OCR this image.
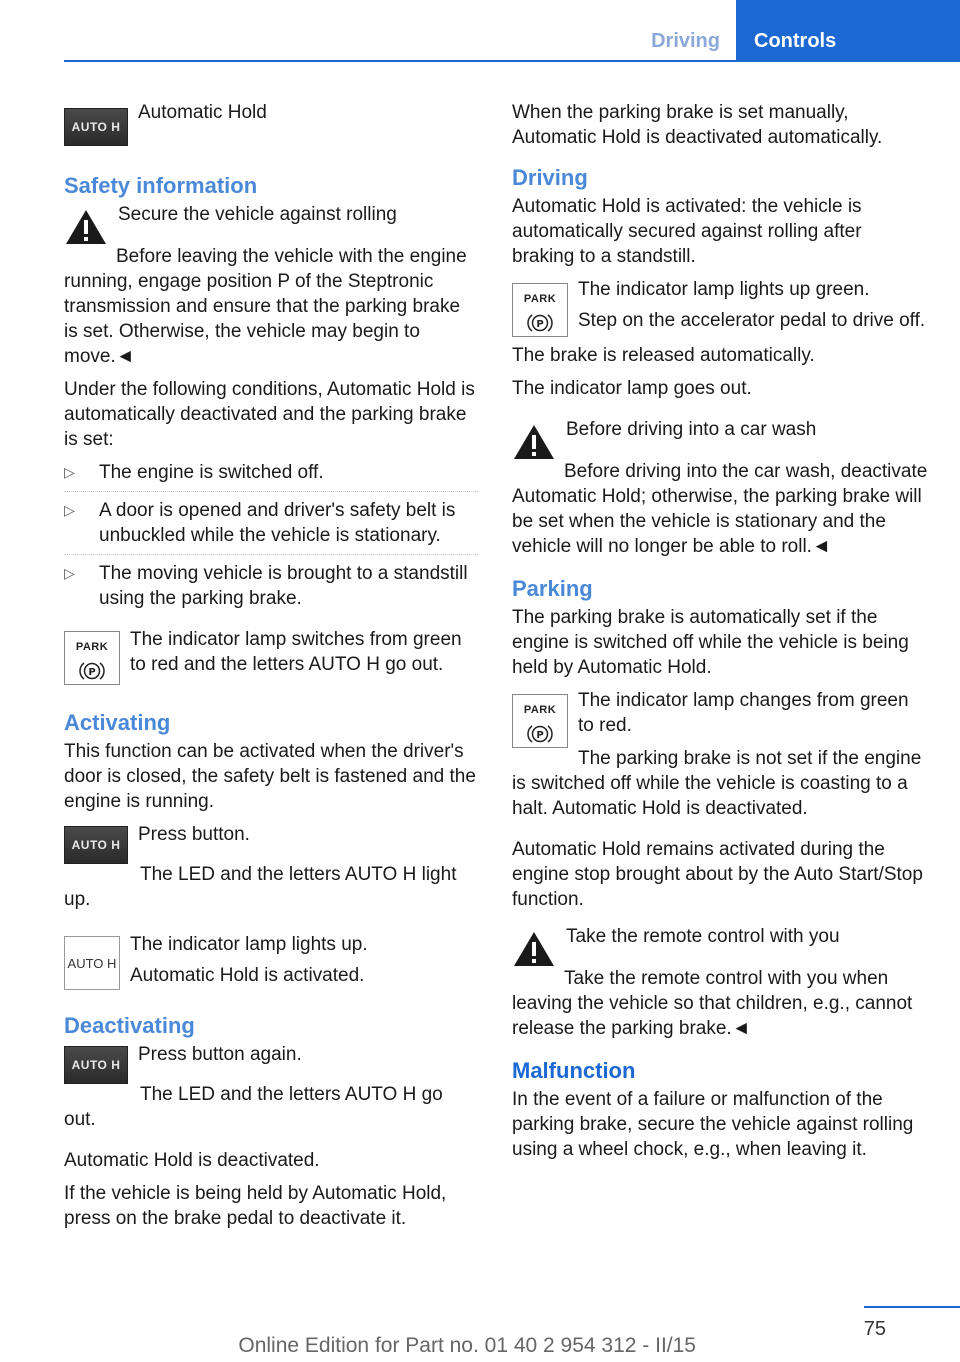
Driving Controls
AUTO H

Automatic Hold

Safety information

Secure the vehicle against rolling

Before leaving the vehicle with the engine running, engage position P of the Steptronic transmission and ensure that the parking brake is set. Otherwise, the vehicle may begin to move.◄

Under the following conditions, Automatic Hold is automatically deactivated and the parking brake is set:

▷ The engine is switched off.
▷ A door is opened and driver's safety belt is unbuckled while the vehicle is stationary.
▷ The moving vehicle is brought to a standstill using the parking brake.
PARK
P

The indicator lamp switches from green to red and the letters AUTO H go out.

Activating

This function can be activated when the driver's door is closed, the safety belt is fastened and the engine is running.

AUTO H Press button.

The LED and the letters AUTO H light up.

AUTO H

The indicator lamp lights up.

Automatic Hold is activated.

Deactivating
AUTO H Press button again.

The LED and the letters AUTO H go out.

Automatic Hold is deactivated.

If the vehicle is being held by Automatic Hold, press on the brake pedal to deactivate it.

When the parking brake is set manually, Automatic Hold is deactivated automatically.

Driving

Automatic Hold is activated: the vehicle is automatically secured against rolling after braking to a standstill.

PARK
P

The indicator lamp lights up green.

Step on the accelerator pedal to drive off.

The brake is released automatically.

The indicator lamp goes out.

Before driving into a car wash

Before driving into the car wash, deactivate Automatic Hold; otherwise, the parking brake will be set when the vehicle is stationary and the vehicle will no longer be able to roll.◄

Parking

The parking brake is automatically set if the engine is switched off while the vehicle is being held by Automatic Hold.

PARK
P

The indicator lamp changes from green to red.

The parking brake is not set if the engine is switched off while the vehicle is coasting to a halt. Automatic Hold is deactivated.

Automatic Hold remains activated during the engine stop brought about by the Auto Start/Stop function.

Take the remote control with you

Take the remote control with you when leaving the vehicle so that children, e.g., cannot release the parking brake.◄

Malfunction

In the event of a failure or malfunction of the parking brake, secure the vehicle against rolling using a wheel chock, e.g., when leaving it.

75
Online Edition for Part no. 01 40 2 954 312 - II/15
